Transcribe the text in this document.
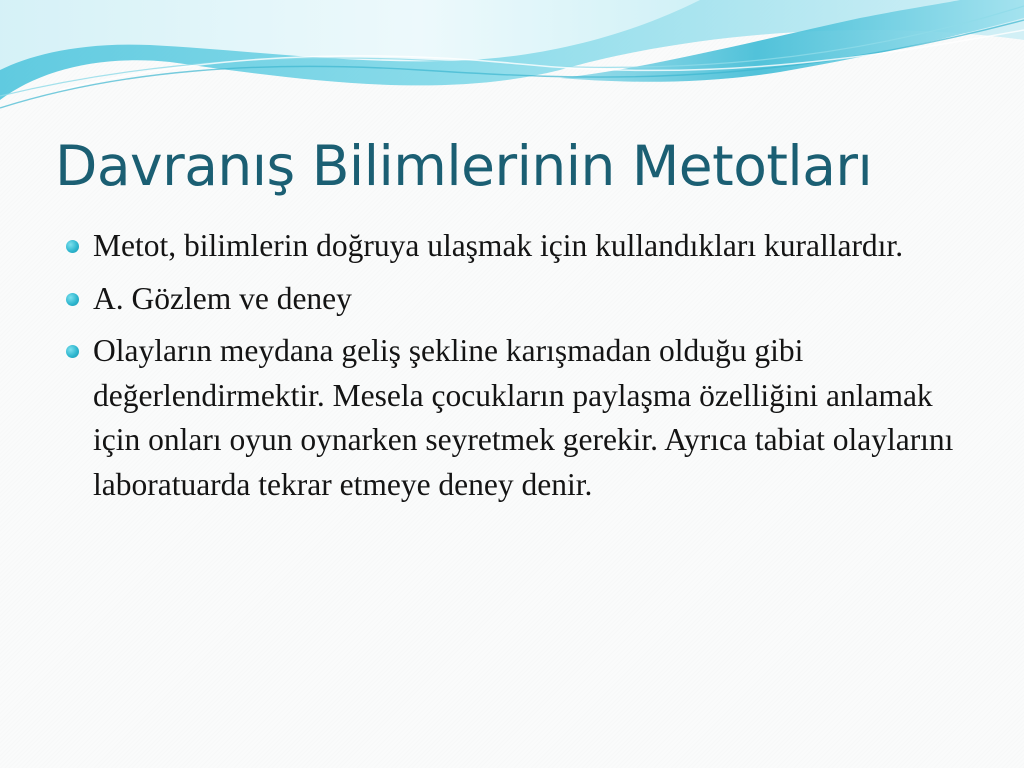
Davranış Bilimlerinin Metotları
Metot, bilimlerin doğruya ulaşmak için kullandıkları kurallardır.
A. Gözlem ve deney
Olayların meydana geliş şekline karışmadan olduğu gibi değerlendirmektir. Mesela çocukların paylaşma özelliğini anlamak için onları oyun oynarken seyretmek gerekir. Ayrıca tabiat olaylarını laboratuarda tekrar etmeye deney denir.
